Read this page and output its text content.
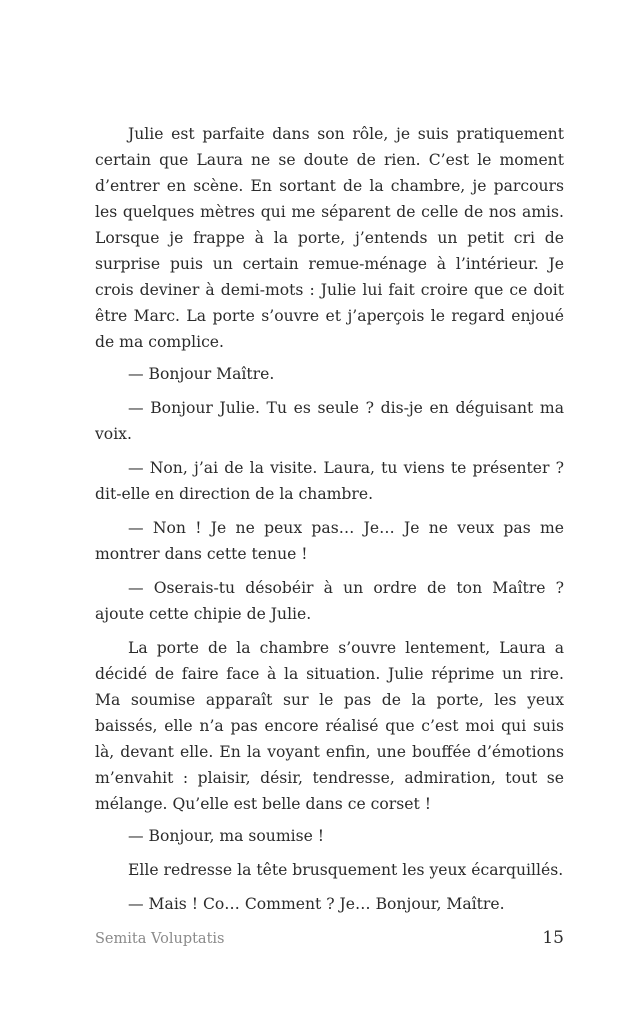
Julie est parfaite dans son rôle, je suis pratiquement certain que Laura ne se doute de rien. C’est le moment d’entrer en scène. En sortant de la chambre, je parcours les quelques mètres qui me séparent de celle de nos amis. Lorsque je frappe à la porte, j’entends un petit cri de surprise puis un certain remue-ménage à l’intérieur. Je crois deviner à demi-mots : Julie lui fait croire que ce doit être Marc. La porte s’ouvre et j’aperçois le regard enjoué de ma complice.

— Bonjour Maître.

— Bonjour Julie. Tu es seule ? dis-je en déguisant ma voix.

— Non, j’ai de la visite. Laura, tu viens te présenter ? dit-elle en direction de la chambre.

— Non ! Je ne peux pas… Je… Je ne veux pas me montrer dans cette tenue !

— Oserais-tu désobéir à un ordre de ton Maître ? ajoute cette chipie de Julie.

La porte de la chambre s’ouvre lentement, Laura a décidé de faire face à la situation. Julie réprime un rire. Ma soumise apparaît sur le pas de la porte, les yeux baissés, elle n’a pas encore réalisé que c’est moi qui suis là, devant elle. En la voyant enfin, une bouffée d’émotions m’envahit : plaisir, désir, tendresse, admiration, tout se mélange. Qu’elle est belle dans ce corset !

— Bonjour, ma soumise !

Elle redresse la tête brusquement les yeux écarquillés.

— Mais ! Co… Comment ? Je… Bonjour, Maître.

Semita Voluptatis	15
